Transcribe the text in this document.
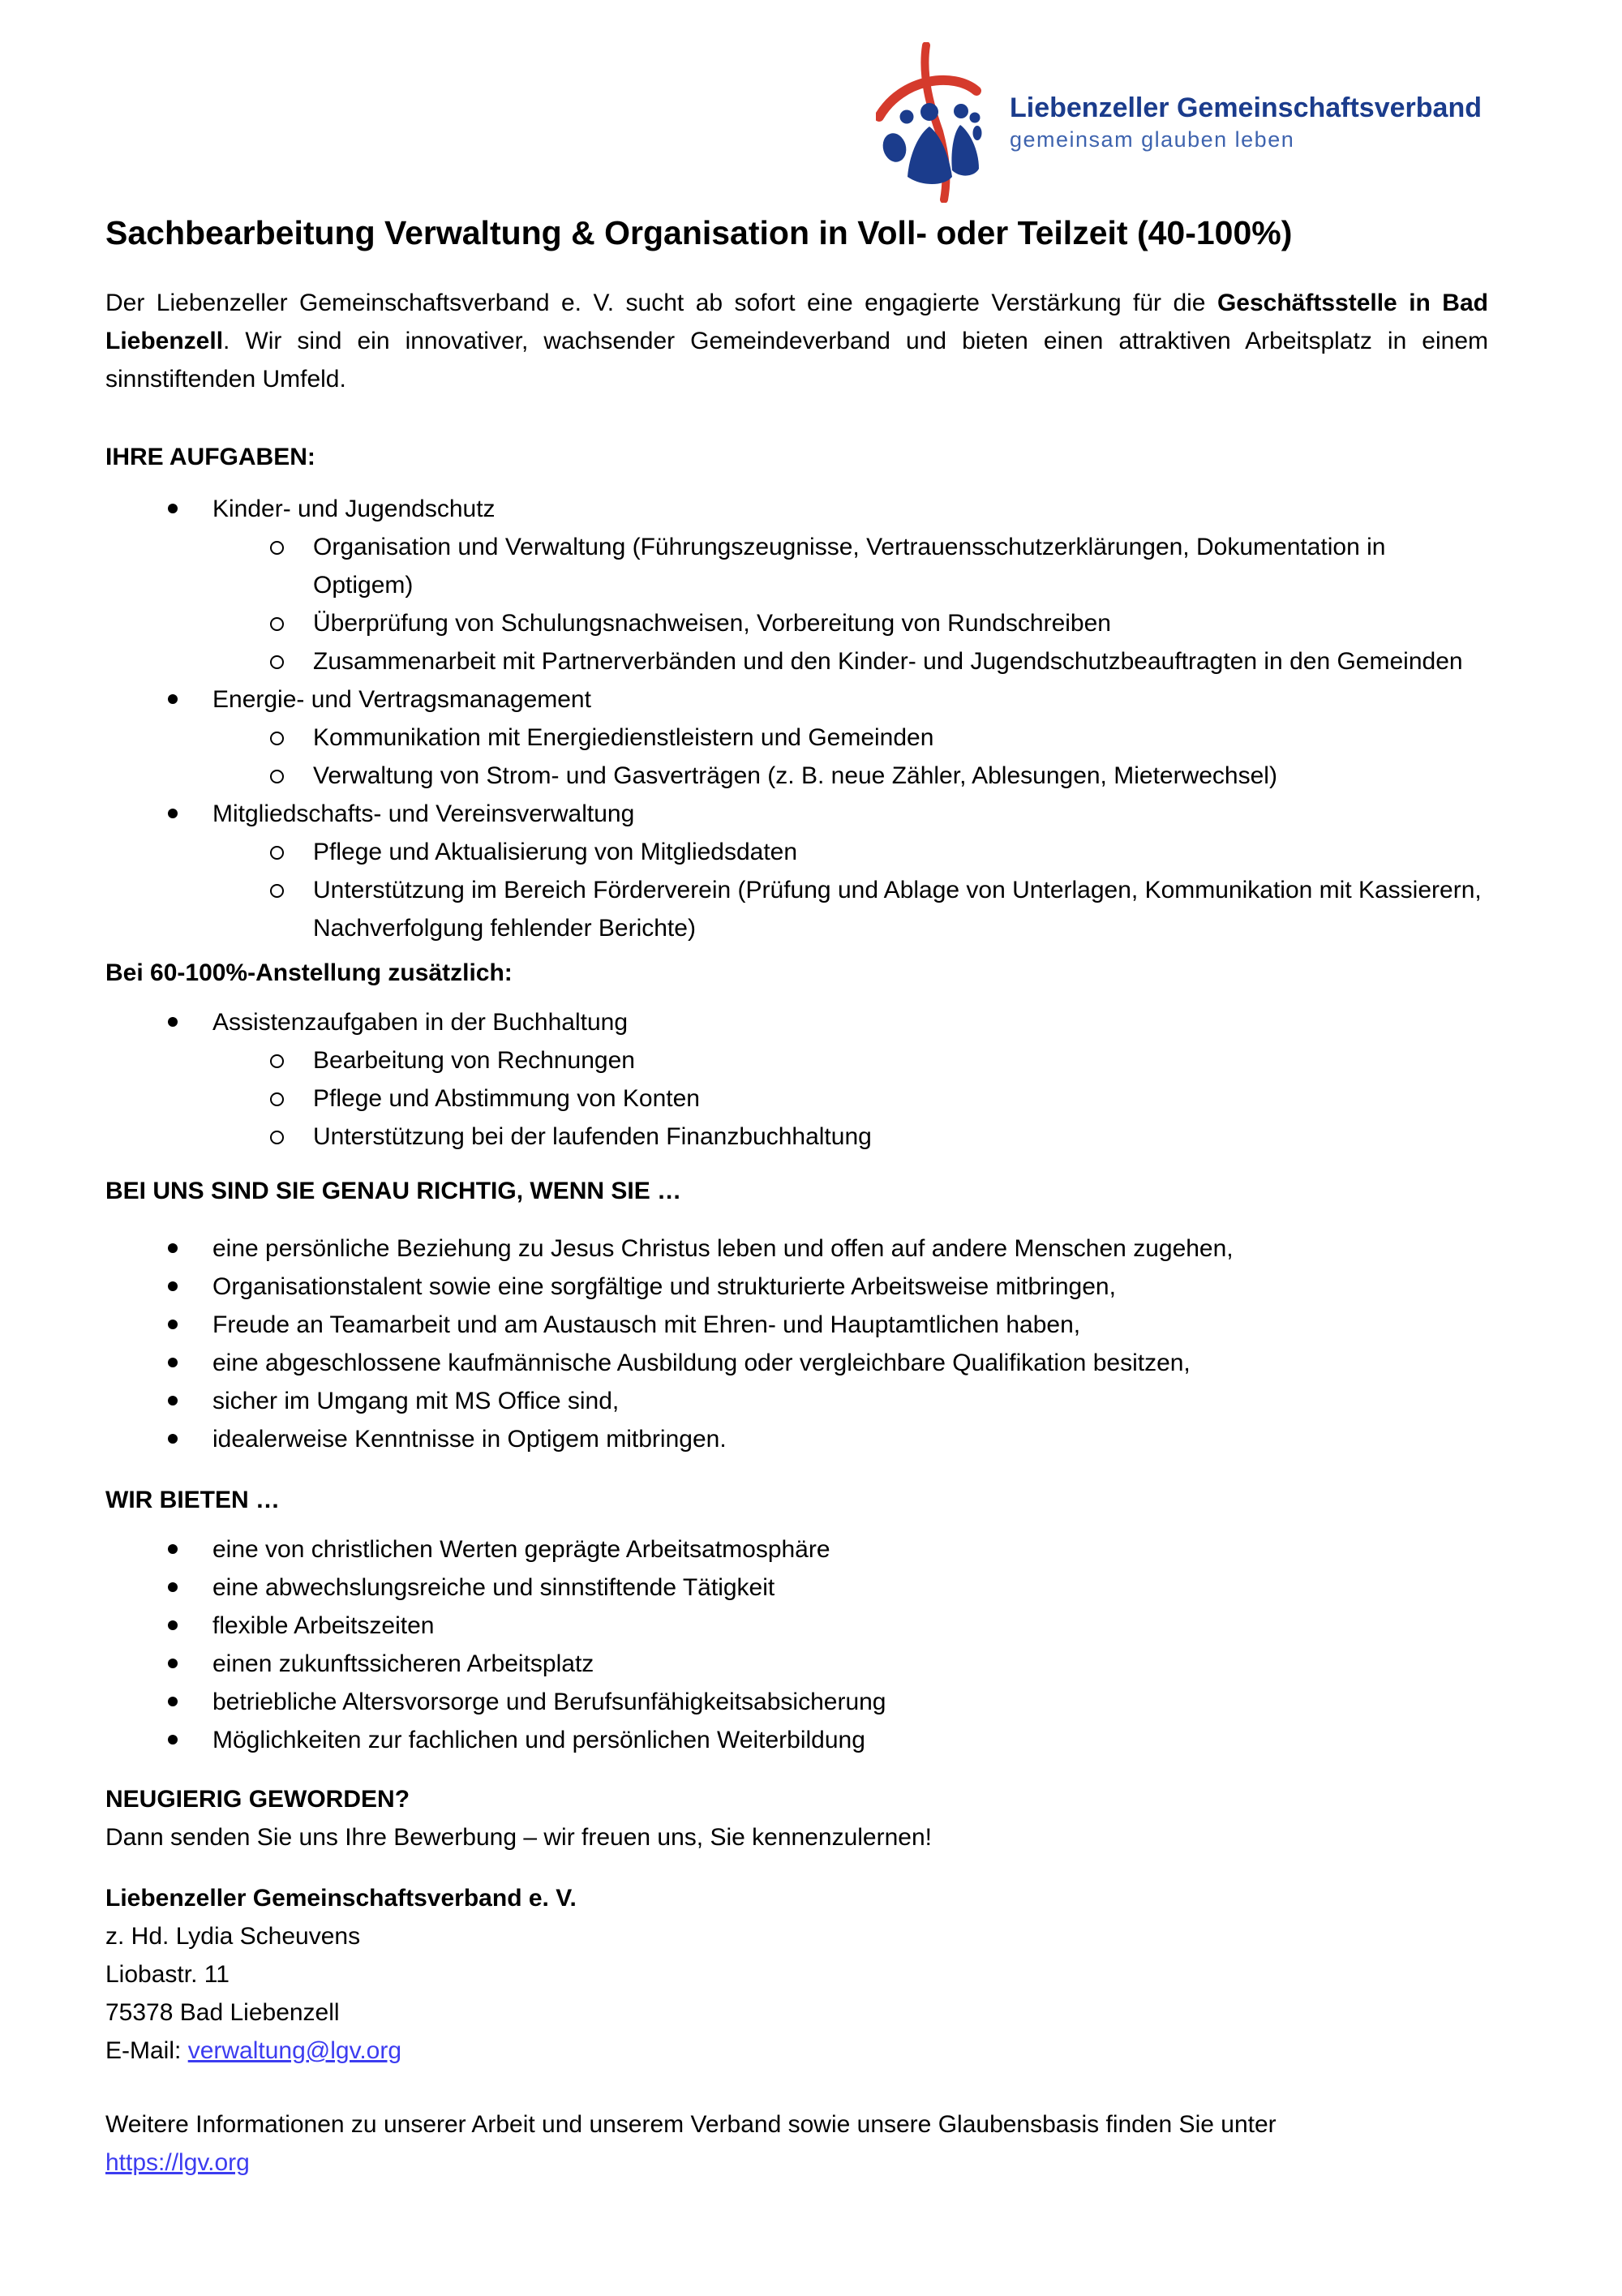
Liebenzeller Gemeinschaftsverband
gemeinsam glauben leben
Sachbearbeitung Verwaltung & Organisation in Voll- oder Teilzeit (40-100%)

Der Liebenzeller Gemeinschaftsverband e. V. sucht ab sofort eine engagierte Verstärkung für die Geschäftsstelle in Bad Liebenzell. Wir sind ein innovativer, wachsender Gemeindeverband und bieten einen attraktiven Arbeitsplatz in einem sinnstiftenden Umfeld.

IHRE AUFGABEN:
Kinder- und Jugendschutz
Organisation und Verwaltung (Führungszeugnisse, Vertrauensschutzerklärungen, Dokumentation in Optigem)
Überprüfung von Schulungsnachweisen, Vorbereitung von Rundschreiben
Zusammenarbeit mit Partnerverbänden und den Kinder- und Jugendschutzbeauftragten in den Gemeinden
Energie- und Vertragsmanagement
Kommunikation mit Energiedienstleistern und Gemeinden
Verwaltung von Strom- und Gasverträgen (z. B. neue Zähler, Ablesungen, Mieterwechsel)
Mitgliedschafts- und Vereinsverwaltung
Pflege und Aktualisierung von Mitgliedsdaten
Unterstützung im Bereich Förderverein (Prüfung und Ablage von Unterlagen, Kommunikation mit Kassierern, Nachverfolgung fehlender Berichte)
Bei 60-100%-Anstellung zusätzlich:
Assistenzaufgaben in der Buchhaltung
Bearbeitung von Rechnungen
Pflege und Abstimmung von Konten
Unterstützung bei der laufenden Finanzbuchhaltung
BEI UNS SIND SIE GENAU RICHTIG, WENN SIE …
eine persönliche Beziehung zu Jesus Christus leben und offen auf andere Menschen zugehen,
Organisationstalent sowie eine sorgfältige und strukturierte Arbeitsweise mitbringen,
Freude an Teamarbeit und am Austausch mit Ehren- und Hauptamtlichen haben,
eine abgeschlossene kaufmännische Ausbildung oder vergleichbare Qualifikation besitzen,
sicher im Umgang mit MS Office sind,
idealerweise Kenntnisse in Optigem mitbringen.
WIR BIETEN …
eine von christlichen Werten geprägte Arbeitsatmosphäre
eine abwechslungsreiche und sinnstiftende Tätigkeit
flexible Arbeitszeiten
einen zukunftssicheren Arbeitsplatz
betriebliche Altersvorsorge und Berufsunfähigkeitsabsicherung
Möglichkeiten zur fachlichen und persönlichen Weiterbildung
NEUGIERIG GEWORDEN?

Dann senden Sie uns Ihre Bewerbung – wir freuen uns, Sie kennenzulernen!

Liebenzeller Gemeinschaftsverband e. V.
z. Hd. Lydia Scheuvens
Liobastr. 11
75378 Bad Liebenzell
E-Mail: verwaltung@lgv.org
Weitere Informationen zu unserer Arbeit und unserem Verband sowie unsere Glaubensbasis finden Sie unter
https://lgv.org
